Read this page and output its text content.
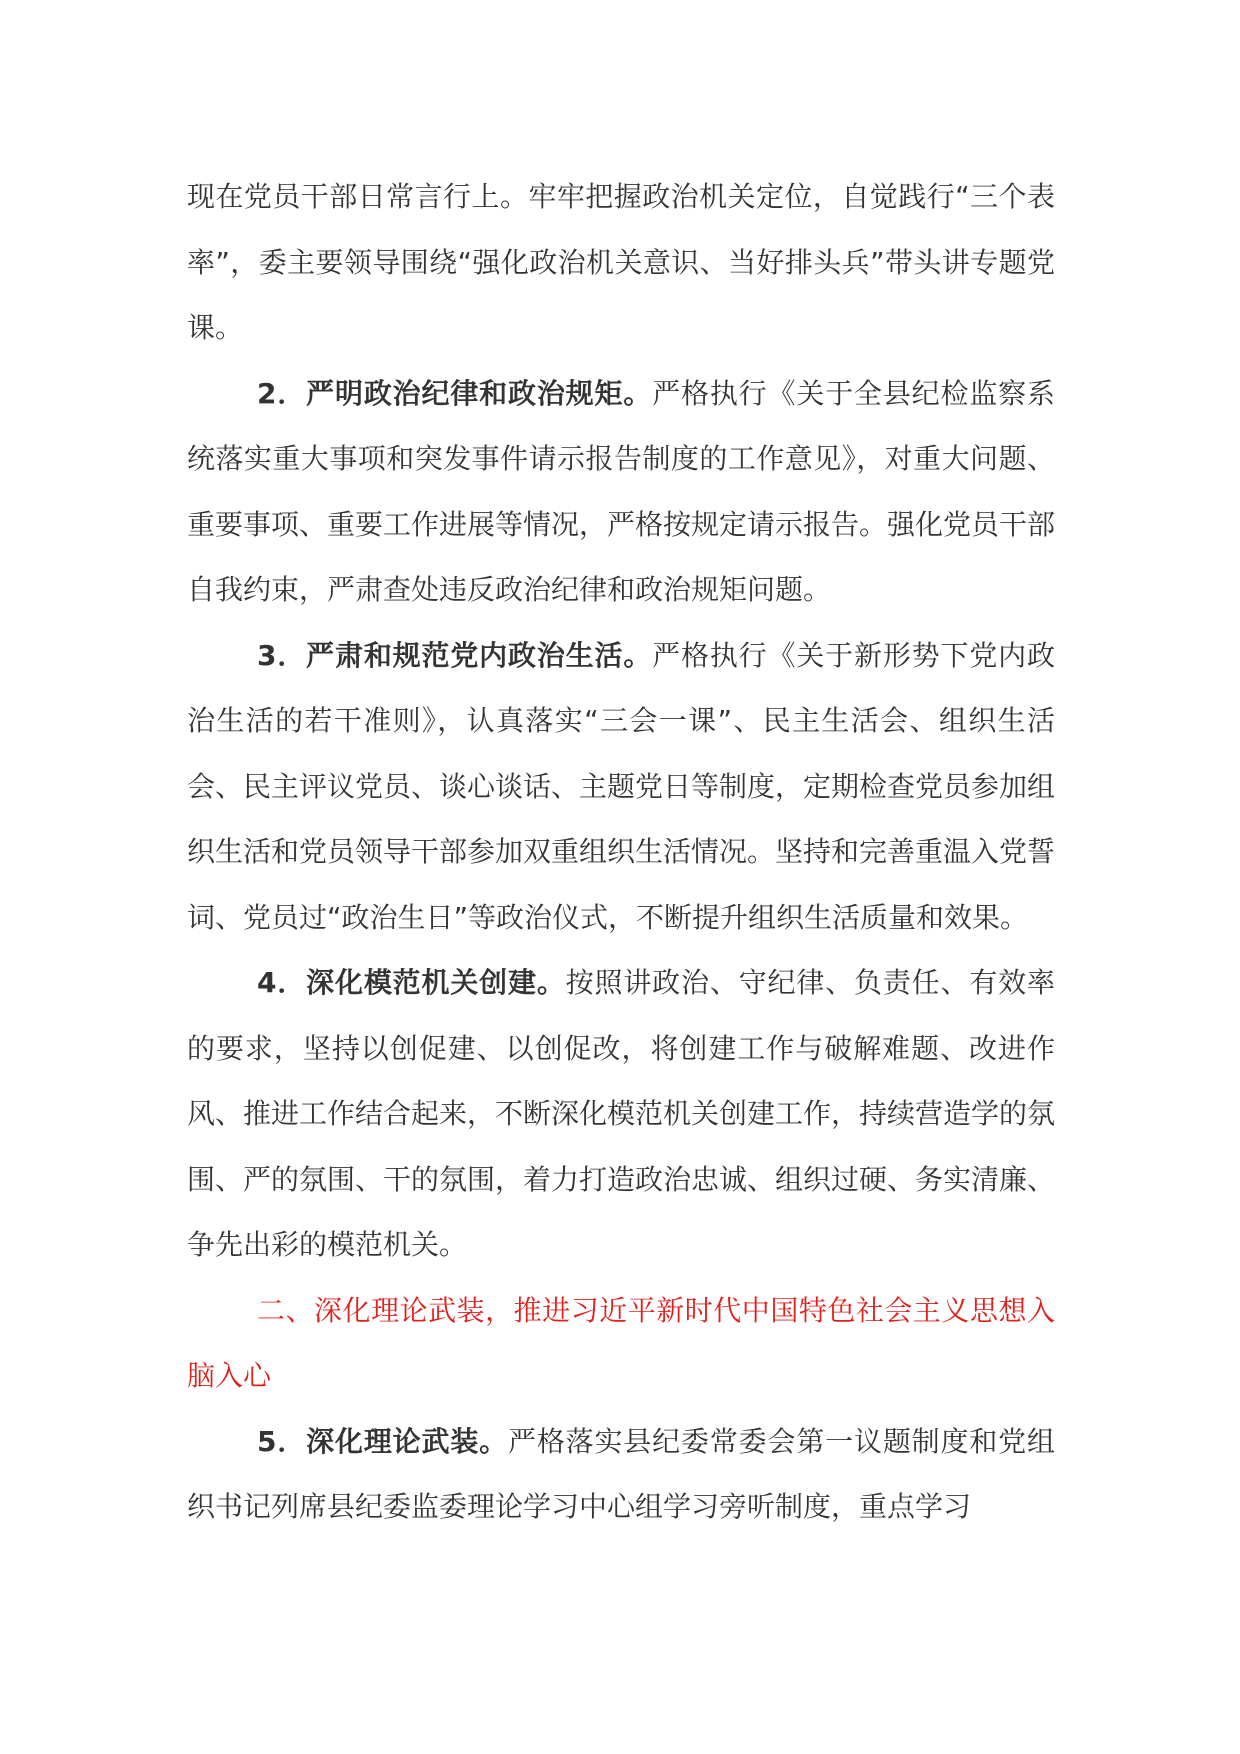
现在党员干部日常言行上。牢牢把握政治机关定位，自觉践行“三个表率”，委主要领导围绕“强化政治机关意识、当好排头兵”带头讲专题党课。

2．严明政治纪律和政治规矩。严格执行《关于全县纪检监察系统落实重大事项和突发事件请示报告制度的工作意见》，对重大问题、重要事项、重要工作进展等情况，严格按规定请示报告。强化党员干部自我约束，严肃查处违反政治纪律和政治规矩问题。

3．严肃和规范党内政治生活。严格执行《关于新形势下党内政治生活的若干准则》，认真落实“三会一课”、民主生活会、组织生活会、民主评议党员、谈心谈话、主题党日等制度，定期检查党员参加组织生活和党员领导干部参加双重组织生活情况。坚持和完善重温入党誓词、党员过“政治生日”等政治仪式，不断提升组织生活质量和效果。

4．深化模范机关创建。按照讲政治、守纪律、负责任、有效率的要求，坚持以创促建、以创促改，将创建工作与破解难题、改进作风、推进工作结合起来，不断深化模范机关创建工作，持续营造学的氛围、严的氛围、干的氛围，着力打造政治忠诚、组织过硬、务实清廉、争先出彩的模范机关。

二、深化理论武装，推进习近平新时代中国特色社会主义思想入脑入心

5．深化理论武装。严格落实县纪委常委会第一议题制度和党组织书记列席县纪委监委理论学习中心组学习旁听制度，重点学习
